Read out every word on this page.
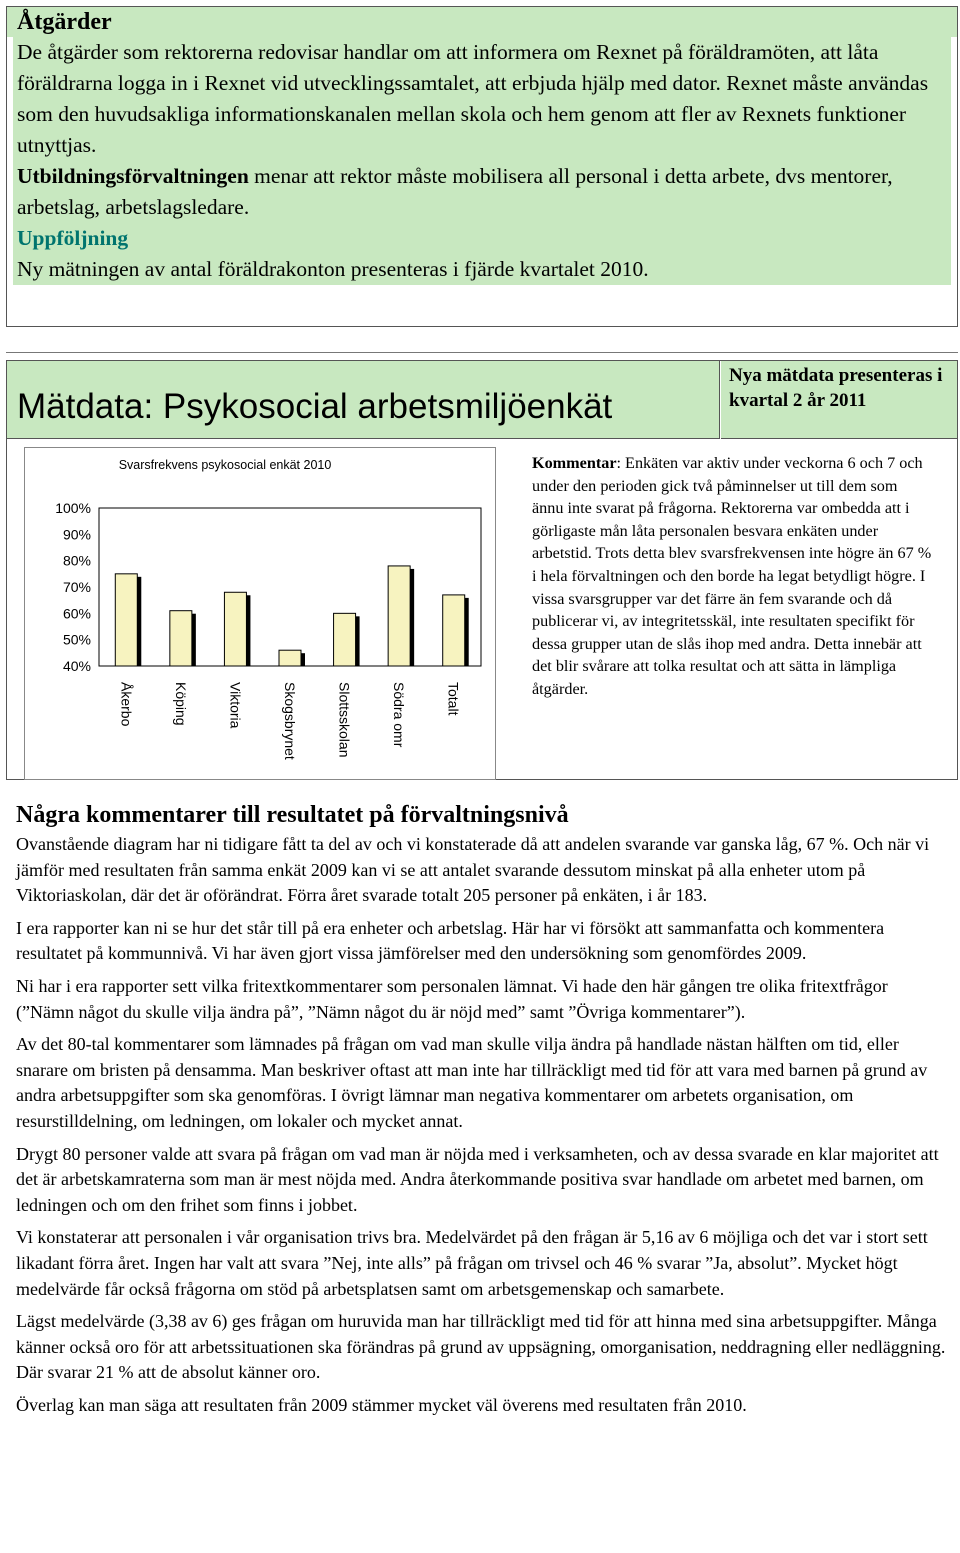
Åtgärder

De åtgärder som rektorerna redovisar handlar om att informera om Rexnet på föräldramöten, att låta föräldrarna logga in i Rexnet vid utvecklingssamtalet, att erbjuda hjälp med dator. Rexnet måste användas som den huvudsakliga informationskanalen mellan skola och hem genom att fler av Rexnets funktioner utnyttjas.

Utbildningsförvaltningen menar att rektor måste mobilisera all personal i detta arbete, dvs mentorer, arbetslag, arbetslagsledare.

Uppföljning

Ny mätningen av antal föräldrakonton presenteras i fjärde kvartalet 2010.

Mätdata: Psykosocial arbetsmiljöenkät
Nya mätdata presenteras i kvartal 2 år 2011
Svarsfrekvens psykosocial enkät 2010
100%
90%
80%
70%
60%
50%
40%
Åkerbo	Köping	Viktoria	Skogsbrynet	Slottsskolan	Södra omr	Totalt
Kommentar: Enkäten var aktiv under veckorna 6 och 7 och under den perioden gick två påminnelser ut till dem som ännu inte svarat på frågorna. Rektorerna var ombedda att i görligaste mån låta personalen besvara enkäten under arbetstid. Trots detta blev svarsfrekvensen inte högre än 67 % i hela förvaltningen och den borde ha legat betydligt högre. I vissa svarsgrupper var det färre än fem svarande och då publicerar vi, av integritetsskäl, inte resultaten specifikt för dessa grupper utan de slås ihop med andra. Detta innebär att det blir svårare att tolka resultat och att sätta in lämpliga åtgärder.
Några kommentarer till resultatet på förvaltningsnivå

Ovanstående diagram har ni tidigare fått ta del av och vi konstaterade då att andelen svarande var ganska låg, 67 %. Och när vi jämför med resultaten från samma enkät 2009 kan vi se att antalet svarande dessutom minskat på alla enheter utom på Viktoriaskolan, där det är oförändrat. Förra året svarade totalt 205 personer på enkäten, i år 183.

I era rapporter kan ni se hur det står till på era enheter och arbetslag. Här har vi försökt att sammanfatta och kommentera resultatet på kommunnivå. Vi har även gjort vissa jämförelser med den undersökning som genomfördes 2009.

Ni har i era rapporter sett vilka fritextkommentarer som personalen lämnat. Vi hade den här gången tre olika fritextfrågor (”Nämn något du skulle vilja ändra på”, ”Nämn något du är nöjd med” samt ”Övriga kommentarer”).

Av det 80-tal kommentarer som lämnades på frågan om vad man skulle vilja ändra på handlade nästan hälften om tid, eller snarare om bristen på densamma. Man beskriver oftast att man inte har tillräckligt med tid för att vara med barnen på grund av andra arbetsuppgifter som ska genomföras. I övrigt lämnar man negativa kommentarer om arbetets organisation, om resurstilldelning, om ledningen, om lokaler och mycket annat.

Drygt 80 personer valde att svara på frågan om vad man är nöjda med i verksamheten, och av dessa svarade en klar majoritet att det är arbetskamraterna som man är mest nöjda med. Andra återkommande positiva svar handlade om arbetet med barnen, om ledningen och om den frihet som finns i jobbet.

Vi konstaterar att personalen i vår organisation trivs bra. Medelvärdet på den frågan är 5,16 av 6 möjliga och det var i stort sett likadant förra året. Ingen har valt att svara ”Nej, inte alls” på frågan om trivsel och 46 % svarar ”Ja, absolut”. Mycket högt medelvärde får också frågorna om stöd på arbetsplatsen samt om arbetsgemenskap och samarbete.

Lägst medelvärde (3,38 av 6) ges frågan om huruvida man har tillräckligt med tid för att hinna med sina arbetsuppgifter. Många känner också oro för att arbetssituationen ska förändras på grund av uppsägning, omorganisation, neddragning eller nedläggning. Där svarar 21 % att de absolut känner oro.

Överlag kan man säga att resultaten från 2009 stämmer mycket väl överens med resultaten från 2010.
